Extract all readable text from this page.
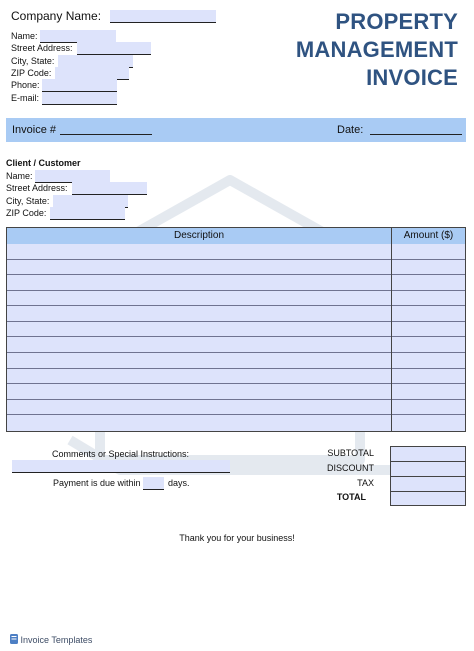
Company Name:
Name:
Street Address:
City, State:
ZIP Code:
Phone:
E-mail:
PROPERTY
MANAGEMENT
INVOICE
Invoice #	Date:
Client / Customer
Name:
Street Address:
City, State:
ZIP Code:
Description	Amount ($)
Comments or Special Instructions:
Payment is due within	days.
SUBTOTAL
DISCOUNT
TAX
TOTAL
Thank you for your business!
Invoice Templates
